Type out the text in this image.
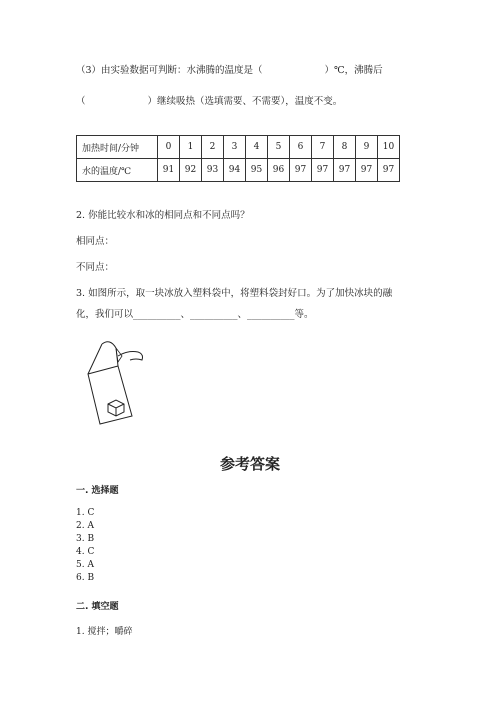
（3）由实验数据可判断：水沸腾的温度是（	）℃，沸腾后
（	）继续吸热（选填需要、不需要），温度不变。
加热时间/分钟	0	1	2	3	4	5	6	7	8	9	10
水的温度/℃	91	92	93	94	95	96	97	97	97	97	97
2. 你能比较水和冰的相同点和不同点吗？
相同点：
不同点：
3. 如图所示，取一块冰放入塑料袋中，将塑料袋封好口。为了加快冰块的融
化，我们可以__________、__________、__________等。
参考答案
一. 选择题
1. C
2. A
3. B
4. C
5. A
6. B
二. 填空题
1. 搅拌；嚼碎
